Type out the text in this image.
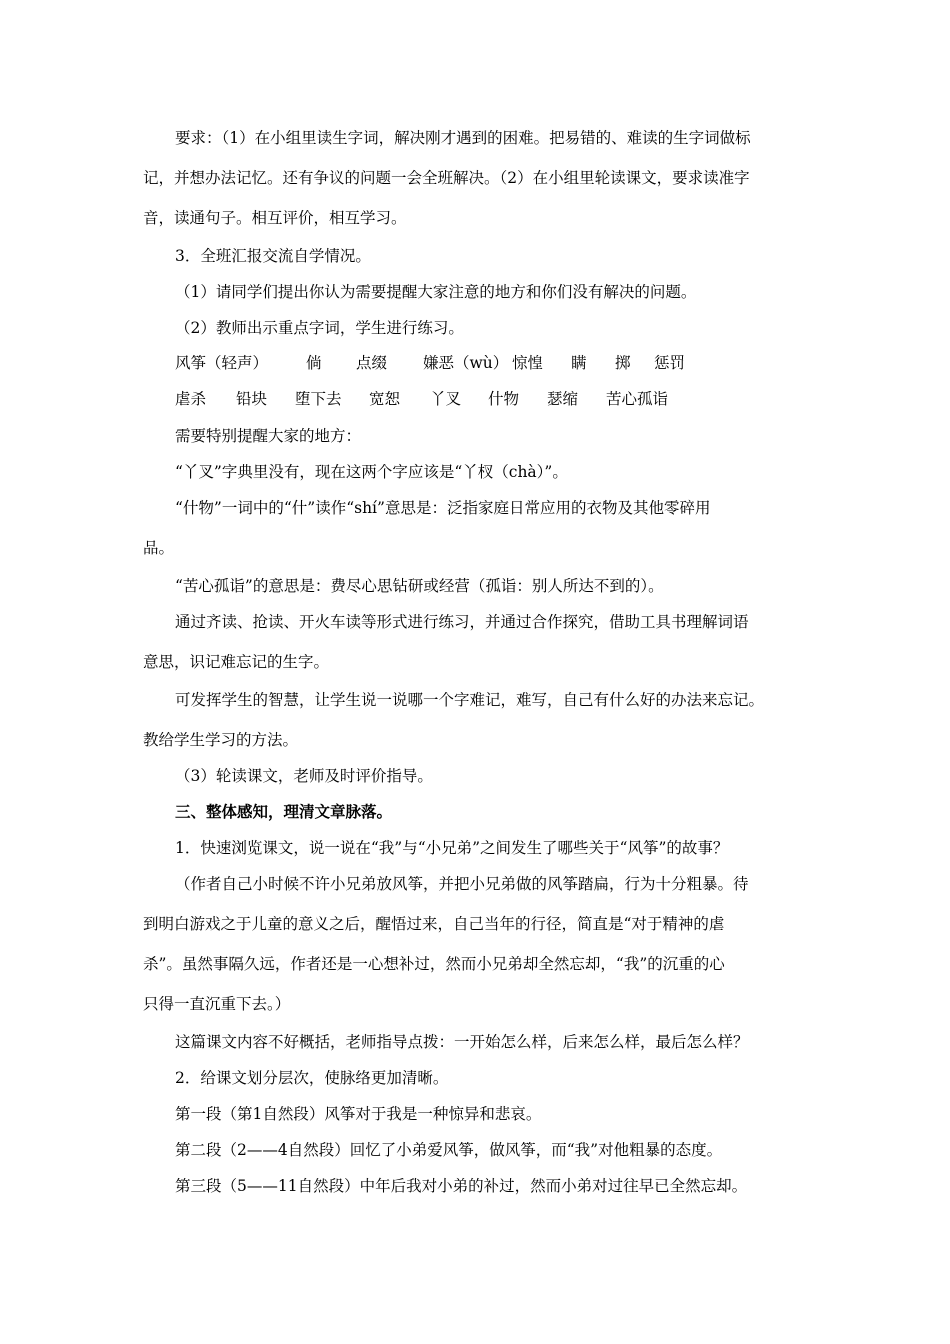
要求：（1）在小组里读生字词，解决刚才遇到的困难。把易错的、难读的生字词做标
记，并想办法记忆。还有争议的问题一会全班解决。（2）在小组里轮读课文，要求读准字
音，读通句子。相互评价，相互学习。
3．全班汇报交流自学情况。
（1）请同学们提出你认为需要提醒大家注意的地方和你们没有解决的问题。
（2）教师出示重点字词，学生进行练习。
风筝（轻声） 倘 点缀 嫌恶（wù） 惊惶 瞒 掷 惩罚
虐杀 铅块 堕下去 宽恕 丫叉 什物 瑟缩 苦心孤诣
需要特别提醒大家的地方：
“丫叉”字典里没有，现在这两个字应该是“丫杈（chà）”。
“什物”一词中的“什”读作“shí”意思是：泛指家庭日常应用的衣物及其他零碎用
品。
“苦心孤诣”的意思是：费尽心思钻研或经营（孤诣：别人所达不到的）。
通过齐读、抢读、开火车读等形式进行练习，并通过合作探究，借助工具书理解词语
意思，识记难忘记的生字。
可发挥学生的智慧，让学生说一说哪一个字难记，难写，自己有什么好的办法来忘记。
教给学生学习的方法。
（3）轮读课文，老师及时评价指导。
三、整体感知，理清文章脉落。
1．快速浏览课文，说一说在“我”与“小兄弟”之间发生了哪些关于“风筝”的故事？
（作者自己小时候不许小兄弟放风筝，并把小兄弟做的风筝踏扁，行为十分粗暴。待
到明白游戏之于儿童的意义之后，醒悟过来，自己当年的行径，简直是“对于精神的虐
杀”。虽然事隔久远，作者还是一心想补过，然而小兄弟却全然忘却，“我”的沉重的心
只得一直沉重下去。）
这篇课文内容不好概括，老师指导点拨：一开始怎么样，后来怎么样，最后怎么样？
2．给课文划分层次，使脉络更加清晰。
第一段（第1自然段）风筝对于我是一种惊异和悲哀。
第二段（2——4自然段）回忆了小弟爱风筝，做风筝，而“我”对他粗暴的态度。
第三段（5——11自然段）中年后我对小弟的补过，然而小弟对过往早已全然忘却。
